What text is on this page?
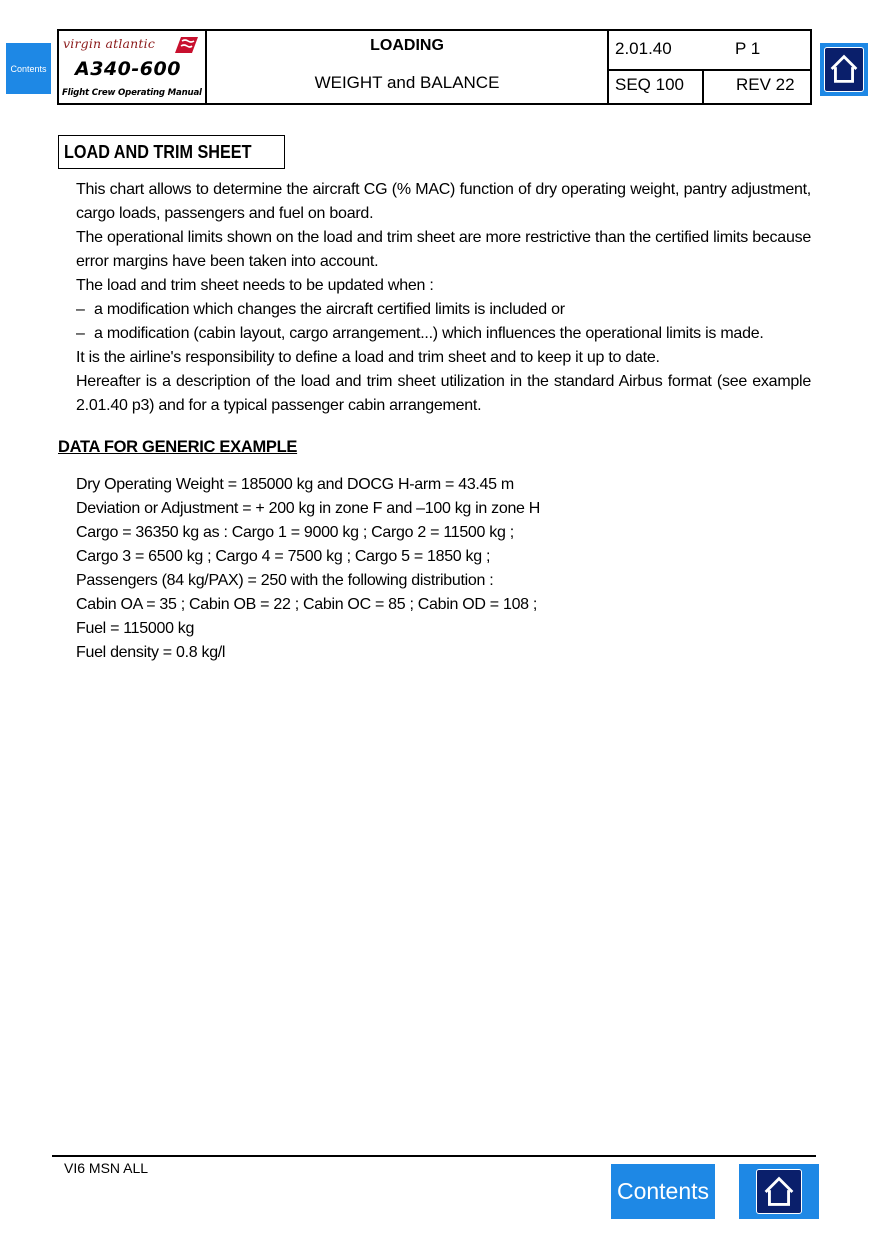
Contents
virgin atlantic
A340-600
Flight Crew Operating Manual
LOADING
WEIGHT and BALANCE
2.01.40	P 1
SEQ 100	REV 22
LOAD AND TRIM SHEET
This chart allows to determine the aircraft CG (% MAC) function of dry operating weight, pantry adjustment, cargo loads, passengers and fuel on board.
The operational limits shown on the load and trim sheet are more restrictive than the certified limits because error margins have been taken into account.
The load and trim sheet needs to be updated when :
– a modification which changes the aircraft certified limits is included or
– a modification (cabin layout, cargo arrangement...) which influences the operational limits is made.
It is the airline's responsibility to define a load and trim sheet and to keep it up to date.
Hereafter is a description of the load and trim sheet utilization in the standard Airbus format (see example 2.01.40 p3) and for a typical passenger cabin arrangement.
DATA FOR GENERIC EXAMPLE
Dry Operating Weight = 185000 kg and DOCG H-arm = 43.45 m
Deviation or Adjustment = + 200 kg in zone F and –100 kg in zone H
Cargo = 36350 kg as : Cargo 1 = 9000 kg ; Cargo 2 = 11500 kg ;
Cargo 3 = 6500 kg ; Cargo 4 = 7500 kg ; Cargo 5 = 1850 kg ;
Passengers (84 kg/PAX) = 250 with the following distribution :
Cabin OA = 35 ; Cabin OB = 22 ; Cabin OC = 85 ; Cabin OD = 108 ;
Fuel = 115000 kg
Fuel density = 0.8 kg/l
VI6 MSN ALL
Contents
